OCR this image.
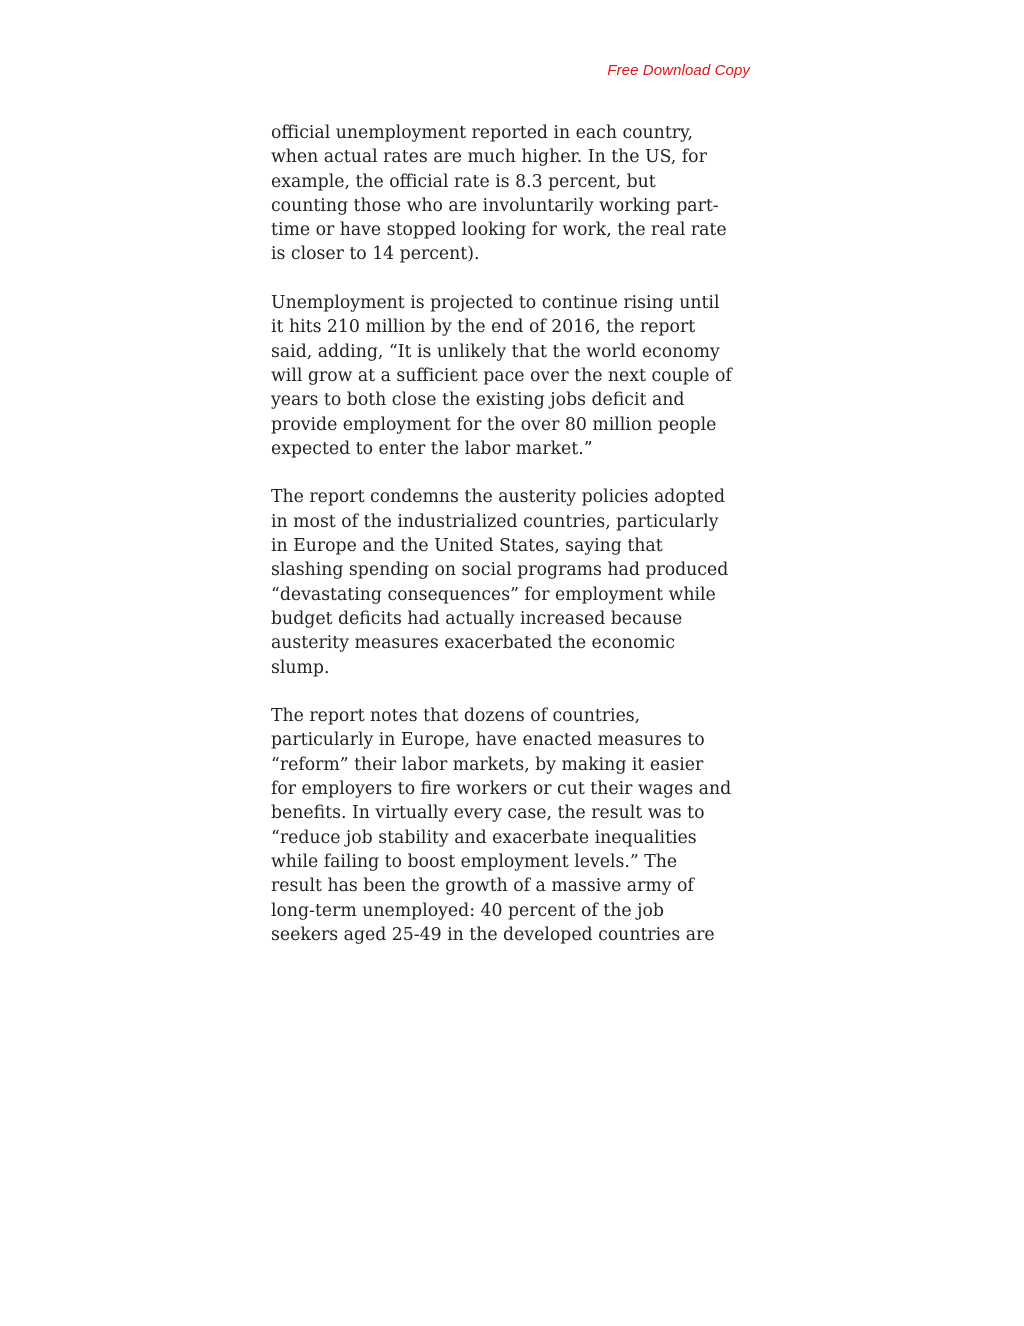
Free Download Copy

official unemployment reported in each country,
when actual rates are much higher. In the US, for
example, the official rate is 8.3 percent, but
counting those who are involuntarily working part-
time or have stopped looking for work, the real rate
is closer to 14 percent).

Unemployment is projected to continue rising until
it hits 210 million by the end of 2016, the report
said, adding, “It is unlikely that the world economy
will grow at a sufficient pace over the next couple of
years to both close the existing jobs deficit and
provide employment for the over 80 million people
expected to enter the labor market.”

The report condemns the austerity policies adopted
in most of the industrialized countries, particularly
in Europe and the United States, saying that
slashing spending on social programs had produced
“devastating consequences” for employment while
budget deficits had actually increased because
austerity measures exacerbated the economic
slump.

The report notes that dozens of countries,
particularly in Europe, have enacted measures to
“reform” their labor markets, by making it easier
for employers to fire workers or cut their wages and
benefits. In virtually every case, the result was to
“reduce job stability and exacerbate inequalities
while failing to boost employment levels.” The
result has been the growth of a massive army of
long-term unemployed: 40 percent of the job
seekers aged 25-49 in the developed countries are
